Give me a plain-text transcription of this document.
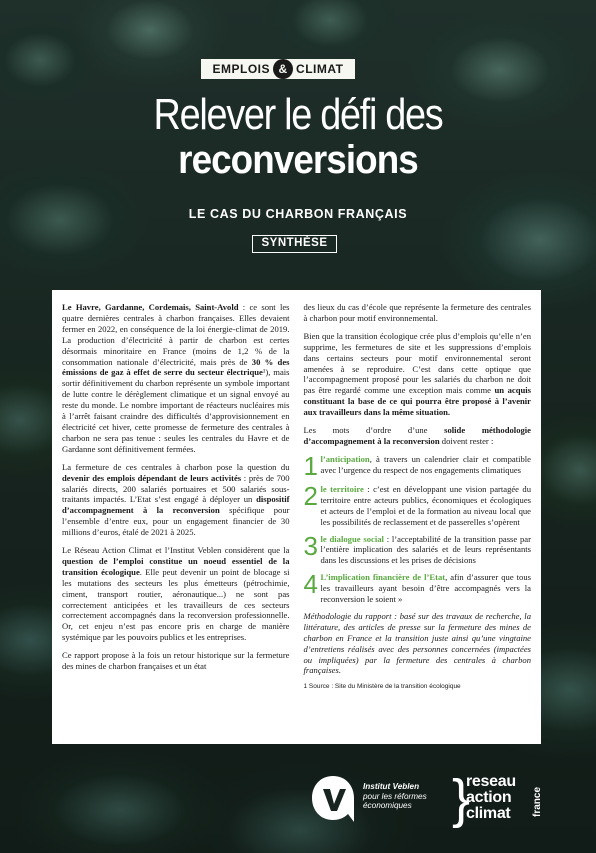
EMPLOIS & CLIMAT
Relever le défi des
reconversions
LE CAS DU CHARBON FRANÇAIS
SYNTHÈSE

Le Havre, Gardanne, Cordemais, Saint-Avold : ce sont les quatre dernières centrales à charbon françaises. Elles devaient fermer en 2022, en conséquence de la loi énergie-climat de 2019. La production d’électricité à partir de charbon est certes désormais minoritaire en France (moins de 1,2 % de la consommation nationale d’électricité, mais près de 30 % des émissions de gaz à effet de serre du secteur électrique¹), mais sortir définitivement du charbon représente un symbole important de lutte contre le dérèglement climatique et un signal envoyé au reste du monde. Le nombre important de réacteurs nucléaires mis à l’arrêt faisant craindre des difficultés d’approvisionnement en électricité cet hiver, cette promesse de fermeture des centrales à charbon ne sera pas tenue : seules les centrales du Havre et de Gardanne sont définitivement fermées.

La fermeture de ces centrales à charbon pose la question du devenir des emplois dépendant de leurs activités : près de 700 salariés directs, 200 salariés portuaires et 500 salariés sous-traitants impactés. L’Etat s’est engagé à déployer un dispositif d’accompagnement à la reconversion spécifique pour l’ensemble d’entre eux, pour un engagement financier de 30 millions d’euros, étalé de 2021 à 2025.

Le Réseau Action Climat et l’Institut Veblen considèrent que la question de l’emploi constitue un noeud essentiel de la transition écologique. Elle peut devenir un point de blocage si les mutations des secteurs les plus émetteurs (pétrochimie, ciment, transport routier, aéronautique...) ne sont pas correctement anticipées et les travailleurs de ces secteurs correctement accompagnés dans la reconversion professionnelle. Or, cet enjeu n’est pas encore pris en charge de manière systémique par les pouvoirs publics et les entreprises.

Ce rapport propose à la fois un retour historique sur la fermeture des mines de charbon françaises et un état

des lieux du cas d’école que représente la fermeture des centrales à charbon pour motif environnemental.

Bien que la transition écologique crée plus d’emplois qu’elle n’en supprime, les fermetures de site et les suppressions d’emplois dans certains secteurs pour motif environnemental seront amenées à se reproduire. C’est dans cette optique que l’accompagnement proposé pour les salariés du charbon ne doit pas être regardé comme une exception mais comme un acquis constituant la base de ce qui pourra être proposé à l’avenir aux travailleurs dans la même situation.

Les mots d’ordre d’une solide méthodologie d’accompagnement à la reconversion doivent rester :

1 l’anticipation, à travers un calendrier clair et compatible avec l’urgence du respect de nos engagements climatiques
2 le territoire : c’est en développant une vision partagée du territoire entre acteurs publics, économiques et écologiques et acteurs de l’emploi et de la formation au niveau local que les possibilités de reclassement et de passerelles s’opèrent
3 le dialogue social : l’acceptabilité de la transition passe par l’entière implication des salariés et de leurs représentants dans les discussions et les prises de décisions
4 L’implication financière de l’Etat, afin d’assurer que tous les travailleurs ayant besoin d’être accompagnés vers la reconversion le soient »

Méthodologie du rapport : basé sur des travaux de recherche, la littérature, des articles de presse sur la fermeture des mines de charbon en France et la transition juste ainsi qu’une vingtaine d’entretiens réalisés avec des personnes concernées (impactées ou impliquées) par la fermeture des centrales à charbon françaises.

1 Source : Site du Ministère de la transition écologique

Institut Veblen
pour les réformes économiques }
reseau
action
climat	france
